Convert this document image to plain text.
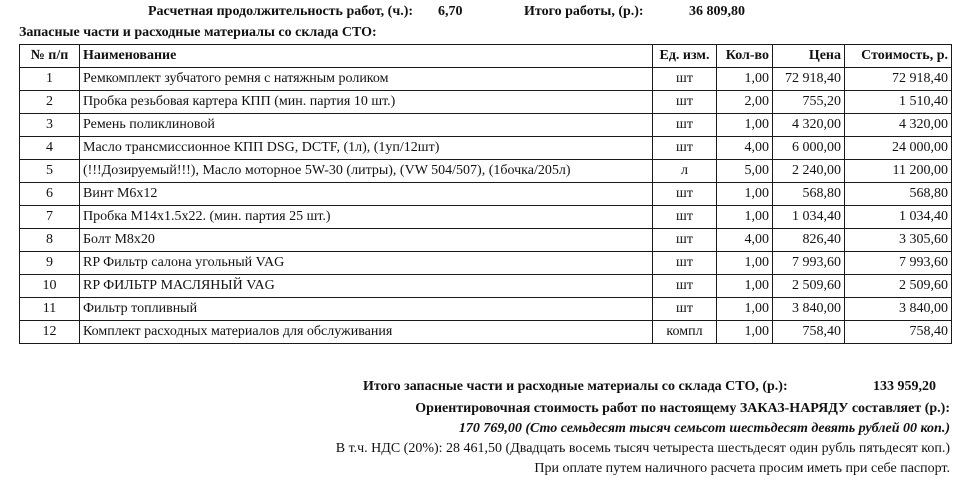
Расчетная продолжительность работ, (ч.): 6,70	Итого работы, (р.):	36 809,80
Запасные части и расходные материалы со склада СТО:
№ п/п	Наименование	Ед. изм.	Кол-во	Цена	Стоимость, р.
1	Ремкомплект зубчатого ремня с натяжным роликом	шт	1,00	72 918,40	72 918,40
2	Пробка резьбовая картера КПП (мин. партия 10 шт.)	шт	2,00	755,20	1 510,40
3	Ремень поликлиновой	шт	1,00	4 320,00	4 320,00
4	Масло трансмиссионное КПП DSG, DCTF, (1л), (1уп/12шт)	шт	4,00	6 000,00	24 000,00
5	(!!!Дозируемый!!!), Масло моторное 5W-30 (литры), (VW 504/507), (1бочка/205л)	л	5,00	2 240,00	11 200,00
6	Винт М6х12	шт	1,00	568,80	568,80
7	Пробка М14х1.5х22. (мин. партия 25 шт.)	шт	1,00	1 034,40	1 034,40
8	Болт М8х20	шт	4,00	826,40	3 305,60
9	RP Фильтр салона угольный VAG	шт	1,00	7 993,60	7 993,60
10	RP ФИЛЬТР МАСЛЯНЫЙ VAG	шт	1,00	2 509,60	2 509,60
11	Фильтр топливный	шт	1,00	3 840,00	3 840,00
12	Комплект расходных материалов для обслуживания	компл	1,00	758,40	758,40
Итого запасные части и расходные материалы со склада СТО, (р.):	133 959,20
Ориентировочная стоимость работ по настоящему ЗАКАЗ-НАРЯДУ составляет (р.):
170 769,00 (Сто семьдесят тысяч семьсот шестьдесят девять рублей 00 коп.)
В т.ч. НДС (20%): 28 461,50 (Двадцать восемь тысяч четыреста шестьдесят один рубль пятьдесят коп.)
При оплате путем наличного расчета просим иметь при себе паспорт.
